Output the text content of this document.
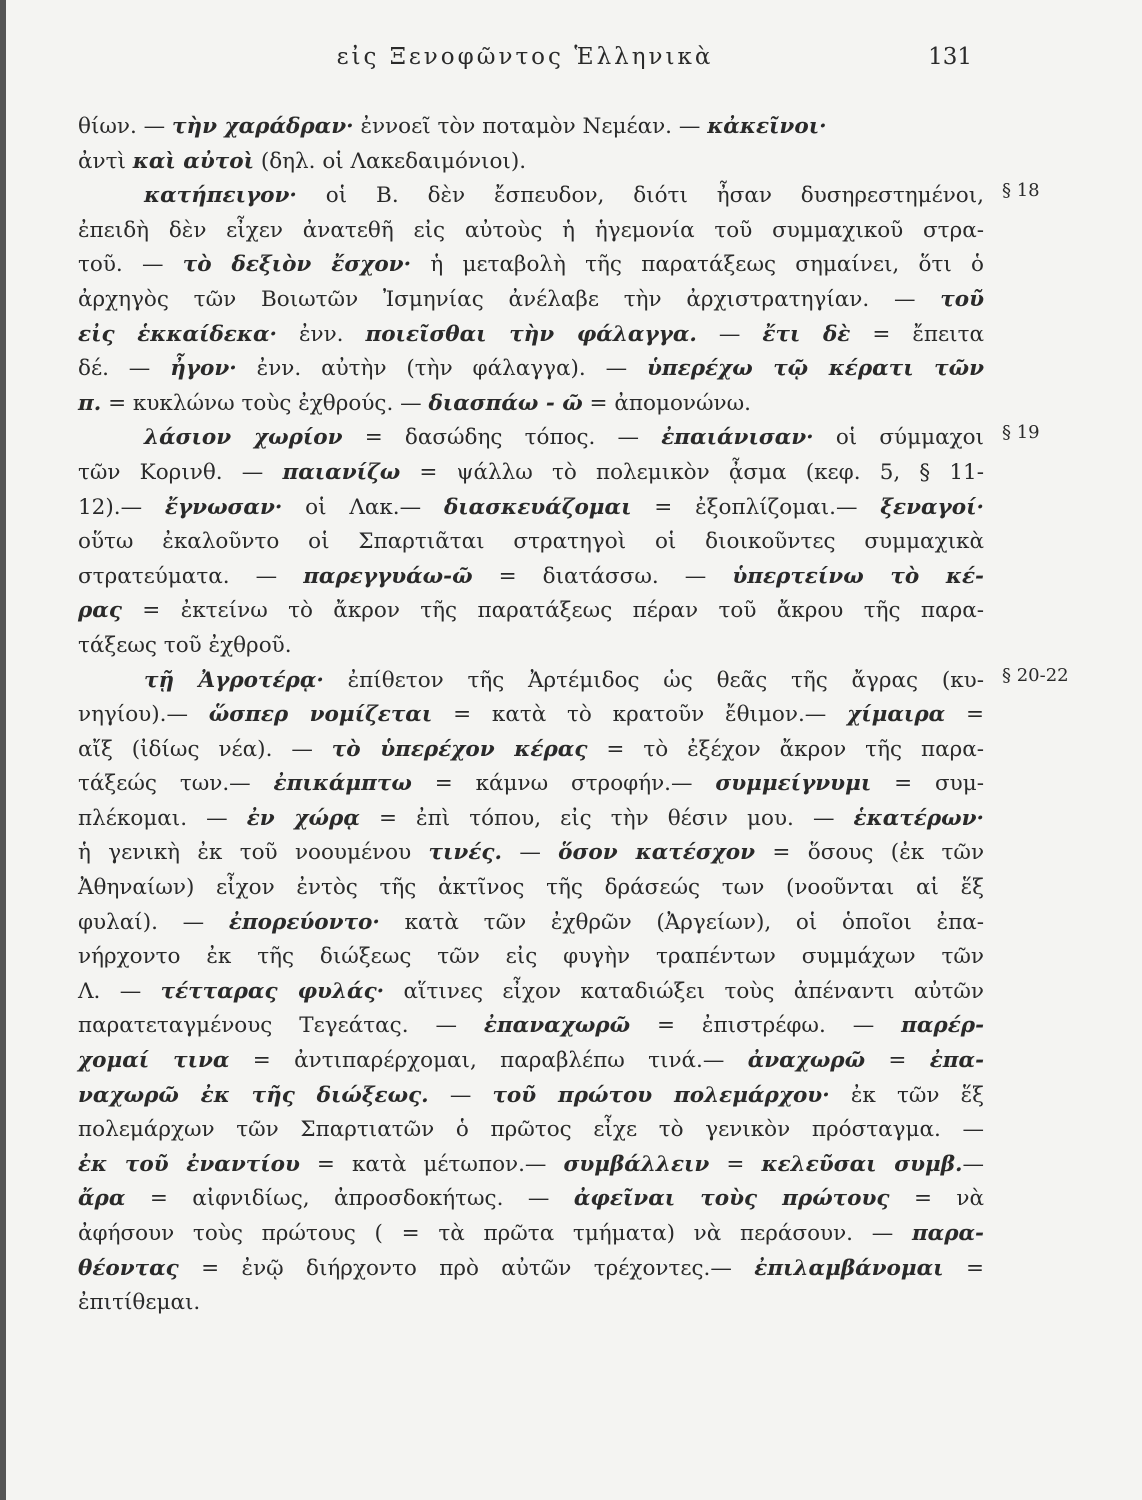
εἰς Ξενοφῶντος Ἑλληνικὰ	131
θίων. — τὴν χαράδραν· ἐννοεῖ τὸν ποταμὸν Νεμέαν. — κἀκεῖνοι·
ἀντὶ καὶ αὐτοὶ (δηλ. οἱ Λακεδαιμόνιοι).
κατήπειγον· οἱ Β. δὲν ἔσπευδον, διότι ἦσαν δυσηρεστημένοι,
ἐπειδὴ δὲν εἶχεν ἀνατεθῆ εἰς αὐτοὺς ἡ ἡγεμονία τοῦ συμμαχικοῦ στρα-
τοῦ. — τὸ δεξιὸν ἔσχον· ἡ μεταβολὴ τῆς παρατάξεως σημαίνει, ὅτι ὁ
ἀρχηγὸς τῶν Βοιωτῶν Ἰσμηνίας ἀνέλαβε τὴν ἀρχιστρατηγίαν. — τοῦ
εἰς ἑκκαίδεκα· ἐνν. ποιεῖσθαι τὴν φάλαγγα. — ἔτι δὲ = ἔπειτα
δέ. — ἦγον· ἐνν. αὐτὴν (τὴν φάλαγγα). — ὑπερέχω τῷ κέρατι τῶν
π. = κυκλώνω τοὺς ἐχθρούς. — διασπάω - ῶ = ἀπομονώνω.
λάσιον χωρίον = δασώδης τόπος. — ἐπαιάνισαν· οἱ σύμμαχοι
τῶν Κορινθ. — παιανίζω = ψάλλω τὸ πολεμικὸν ᾆσμα (κεφ. 5, § 11-
12).— ἔγνωσαν· οἱ Λακ.— διασκευάζομαι = ἐξοπλίζομαι.— ξεναγοί·
οὕτω ἐκαλοῦντο οἱ Σπαρτιᾶται στρατηγοὶ οἱ διοικοῦντες συμμαχικὰ
στρατεύματα. — παρεγγυάω-ῶ = διατάσσω. — ὑπερτείνω τὸ κέ-
ρας = ἐκτείνω τὸ ἄκρον τῆς παρατάξεως πέραν τοῦ ἄκρου τῆς παρα-
τάξεως τοῦ ἐχθροῦ.
τῇ Ἀγροτέρᾳ· ἐπίθετον τῆς Ἀρτέμιδος ὡς θεᾶς τῆς ἄγρας (κυ-
νηγίου).— ὥσπερ νομίζεται = κατὰ τὸ κρατοῦν ἔθιμον.— χίμαιρα =
αἴξ (ἰδίως νέα). — τὸ ὑπερέχον κέρας = τὸ ἐξέχον ἄκρον τῆς παρα-
τάξεώς των.— ἐπικάμπτω = κάμνω στροφήν.— συμμείγνυμι = συμ-
πλέκομαι. — ἐν χώρᾳ = ἐπὶ τόπου, εἰς τὴν θέσιν μου. — ἑκατέρων·
ἡ γενικὴ ἐκ τοῦ νοουμένου τινές. — ὅσον κατέσχον = ὅσους (ἐκ τῶν
Ἀθηναίων) εἶχον ἐντὸς τῆς ἀκτῖνος τῆς δράσεώς των (νοοῦνται αἱ ἕξ
φυλαί). — ἐπορεύοντο· κατὰ τῶν ἐχθρῶν (Ἀργείων), οἱ ὁποῖοι ἐπα-
νήρχοντο ἐκ τῆς διώξεως τῶν εἰς φυγὴν τραπέντων συμμάχων τῶν
Λ. — τέτταρας φυλάς· αἵτινες εἶχον καταδιώξει τοὺς ἀπέναντι αὐτῶν
παρατεταγμένους Τεγεάτας. — ἐπαναχωρῶ = ἐπιστρέφω. — παρέρ-
χομαί τινα = ἀντιπαρέρχομαι, παραβλέπω τινά.— ἀναχωρῶ = ἐπα-
ναχωρῶ ἐκ τῆς διώξεως. — τοῦ πρώτου πολεμάρχου· ἐκ τῶν ἕξ
πολεμάρχων τῶν Σπαρτιατῶν ὁ πρῶτος εἶχε τὸ γενικὸν πρόσταγμα. —
ἐκ τοῦ ἐναντίου = κατὰ μέτωπον.— συμβάλλειν = κελεῦσαι συμβ.—
ἄρα = αἰφνιδίως, ἀπροσδοκήτως. — ἀφεῖναι τοὺς πρώτους = νὰ
ἀφήσουν τοὺς πρώτους ( = τὰ πρῶτα τμήματα) νὰ περάσουν. — παρα-
θέοντας = ἐνῷ διήρχοντο πρὸ αὐτῶν τρέχοντες.— ἐπιλαμβάνομαι =
ἐπιτίθεμαι.
§ 18
§ 19
§ 20-22
